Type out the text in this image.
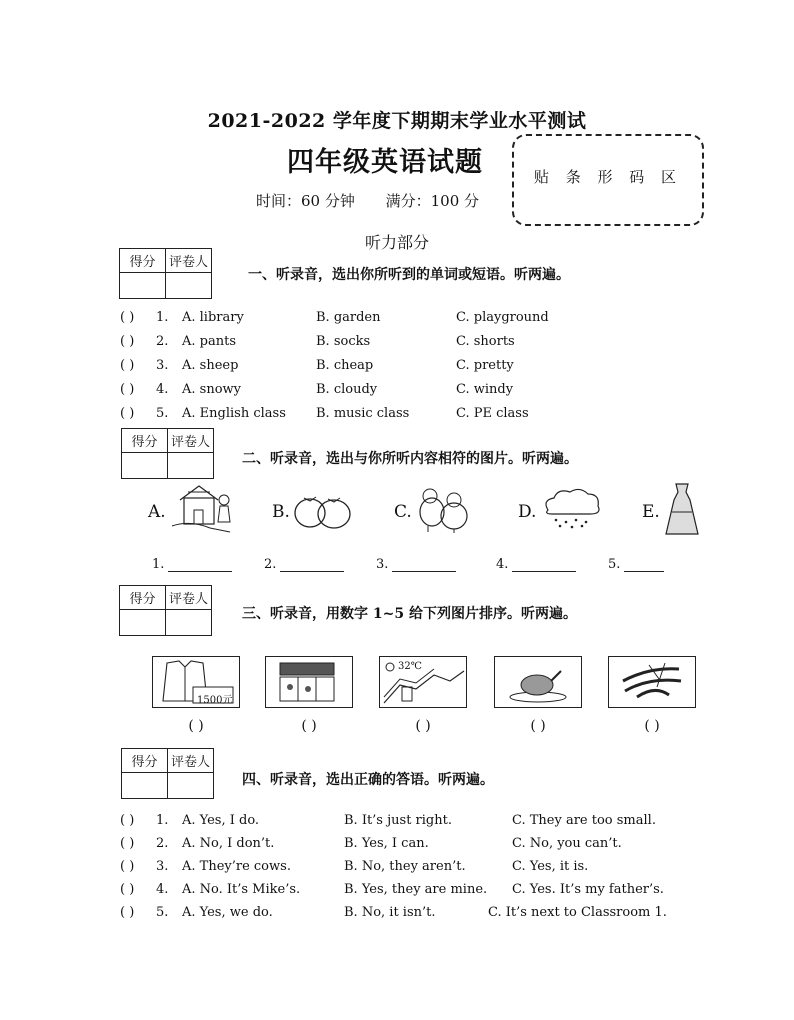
2021-2022 学年度下期期末学业水平测试
四年级英语试题
时间：60 分钟 满分：100 分
贴 条 形 码 区
听力部分
得分	评卷人

一、听录音，选出你所听到的单词或短语。听两遍。
( ) 1. A. library	B. garden	C. playground
( ) 2. A. pants	B. socks	C. shorts
( ) 3. A. sheep	B. cheap	C. pretty
( ) 4. A. snowy	B. cloudy	C. windy
( ) 5. A. English class B. music class	C. PE class
得分	评卷人

二、听录音，选出与你所听内容相符的图片。听两遍。
A.	B.	C.	D.	E.
1.	2.	3.	4.	5.
得分	评卷人

三、听录音，用数字 1~5 给下列图片排序。听两遍。
1500元
32℃
( )	( )	( )	( )	( )
得分	评卷人

四、听录音，选出正确的答语。听两遍。
( ) 1. A. Yes, I do.	B. It’s just right.	C. They are too small.
( ) 2. A. No, I don’t.	B. Yes, I can.	C. No, you can’t.
( ) 3. A. They’re cows.	B. No, they aren’t.	C. Yes, it is.
( ) 4. A. No. It’s Mike’s.	B. Yes, they are mine. C. Yes. It’s my father’s.
( ) 5. A. Yes, we do.	B. No, it isn’t.	C. It’s next to Classroom 1.
